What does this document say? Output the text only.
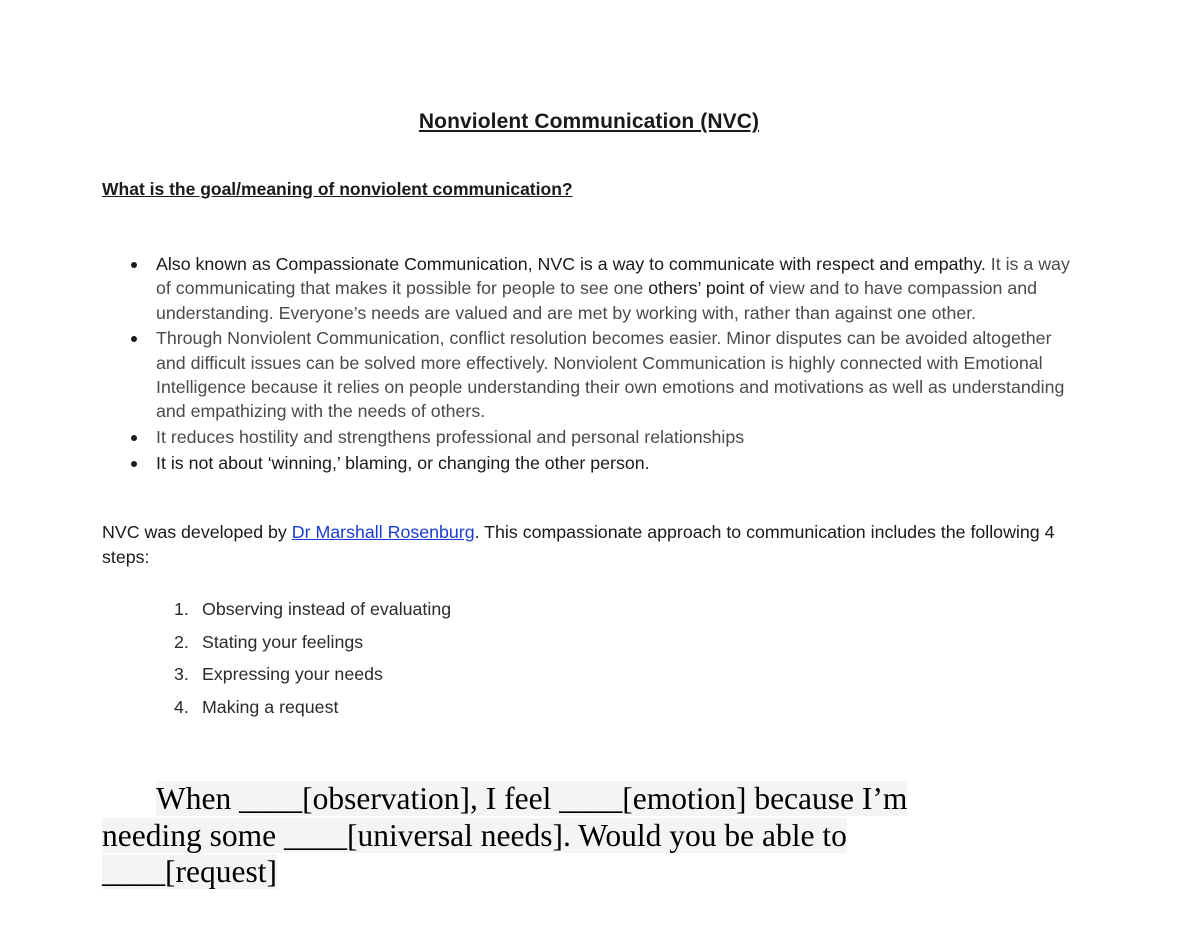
Nonviolent Communication (NVC)
What is the goal/meaning of nonviolent communication?
Also known as Compassionate Communication, NVC is a way to communicate with respect and empathy. It is a way of communicating that makes it possible for people to see one others’ point of view and to have compassion and understanding. Everyone’s needs are valued and are met by working with, rather than against one other.
Through Nonviolent Communication, conflict resolution becomes easier. Minor disputes can be avoided altogether and difficult issues can be solved more effectively. Nonviolent Communication is highly connected with Emotional Intelligence because it relies on people understanding their own emotions and motivations as well as understanding and empathizing with the needs of others.
It reduces hostility and strengthens professional and personal relationships
It is not about ‘winning,’ blaming, or changing the other person.
NVC was developed by Dr Marshall Rosenburg. This compassionate approach to communication includes the following 4 steps:
1. Observing instead of evaluating
2. Stating your feelings
3. Expressing your needs
4. Making a request
When ____[observation], I feel ____[emotion] because I’m
needing some ____[universal needs]. Would you be able to
____[request]
